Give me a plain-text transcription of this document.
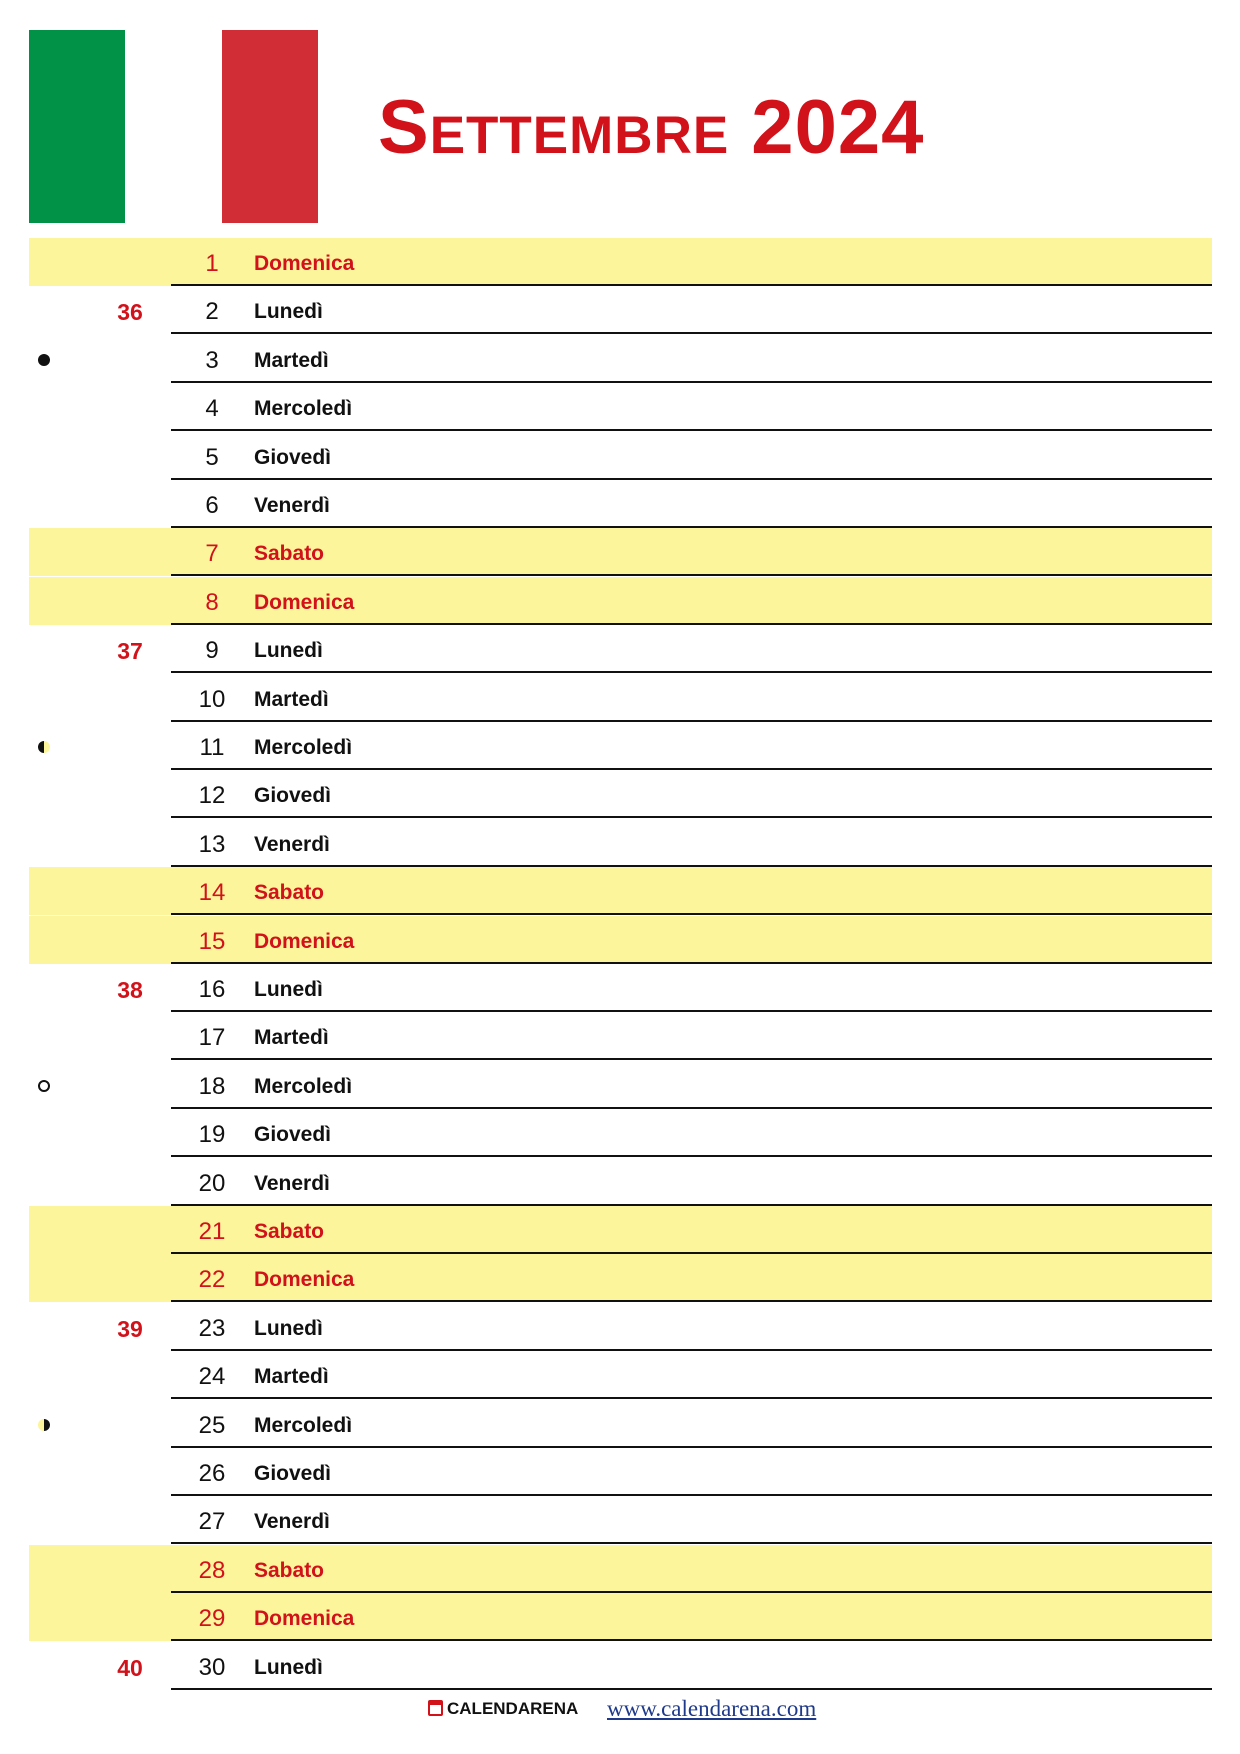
Settembre 2024
1	Domenica
36	2	Lunedì
3	Martedì
4	Mercoledì
5	Giovedì
6	Venerdì
7	Sabato
8	Domenica
37	9	Lunedì
10	Martedì
11	Mercoledì
12	Giovedì
13	Venerdì
14	Sabato
15	Domenica
38	16	Lunedì
17	Martedì
18	Mercoledì
19	Giovedì
20	Venerdì
21	Sabato
22	Domenica
39	23	Lunedì
24	Martedì
25	Mercoledì
26	Giovedì
27	Venerdì
28	Sabato
29	Domenica
40	30	Lunedì
CALENDARENA www.calendarena.com
